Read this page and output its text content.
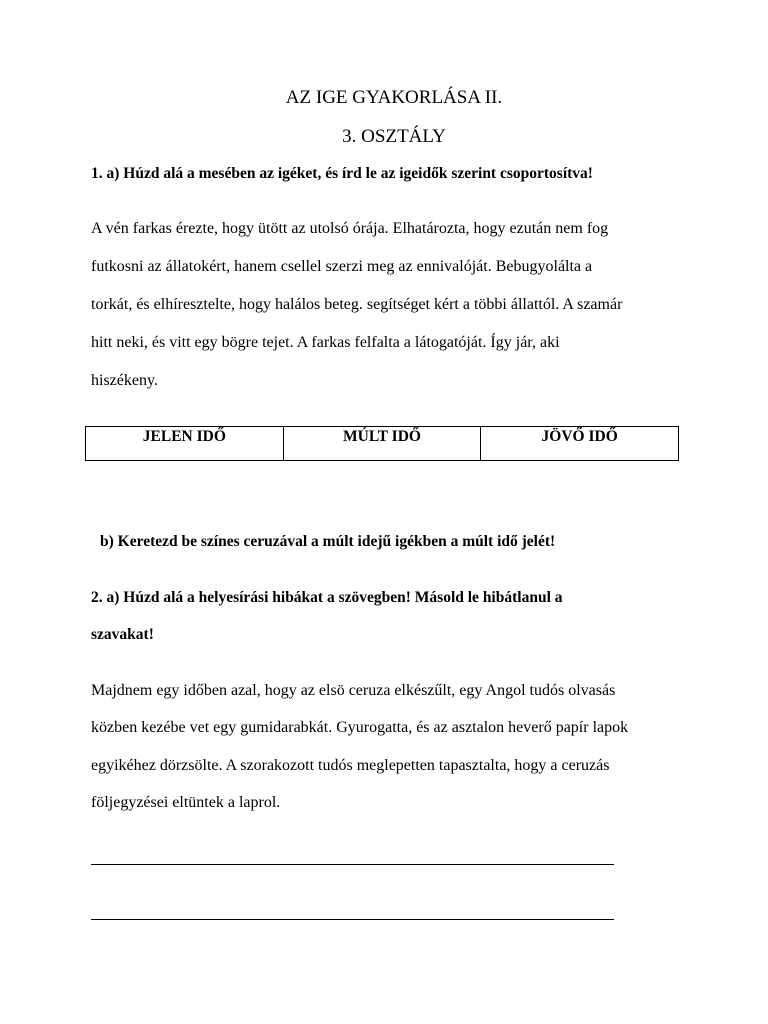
AZ IGE GYAKORLÁSA II.
3. OSZTÁLY
1. a) Húzd alá a mesében az igéket, és írd le az igeidők szerint csoportosítva!
A vén farkas érezte, hogy ütött az utolsó órája. Elhatározta, hogy ezután nem fog
futkosni az állatokért, hanem csellel szerzi meg az ennivalóját. Bebugyolálta a
torkát, és elhíresztelte, hogy halálos beteg. segítséget kért a többi állattól. A szamár
hitt neki, és vitt egy bögre tejet. A farkas felfalta a látogatóját. Így jár, aki
hiszékeny.
JELEN IDŐ	MÚLT IDŐ	JÖVŐ IDŐ
b) Keretezd be színes ceruzával a múlt idejű igékben a múlt idő jelét!
2. a) Húzd alá a helyesírási hibákat a szövegben! Másold le hibátlanul a
szavakat!
Majdnem egy időben azal, hogy az elsö ceruza elkészűlt, egy Angol tudós olvasás
közben kezébe vet egy gumidarabkát. Gyurogatta, és az asztalon heverő papír lapok
egyikéhez dörzsölte. A szorakozott tudós meglepetten tapasztalta, hogy a ceruzás
följegyzései eltüntek a laprol.
